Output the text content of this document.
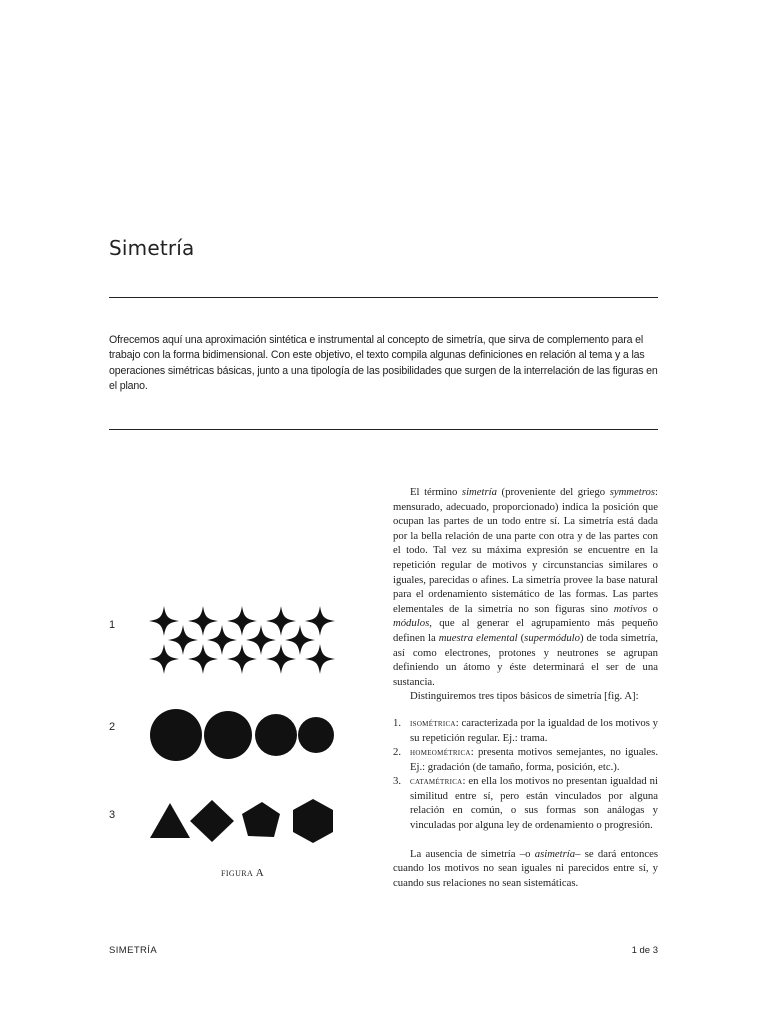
Simetría

Ofrecemos aquí una aproximación sintética e instrumental al concepto de simetría, que sirva de complemento para el trabajo con la forma bidimensional. Con este objetivo, el texto compila algunas definiciones en relación al tema y a las operaciones simétricas básicas, junto a una tipología de las posibilidades que surgen de la interrelación de las figuras en el plano.

1
2
3
figura A

El término simetría (proveniente del griego symmetros: mensurado, adecuado, proporcionado) indica la posición que ocupan las partes de un todo entre sí. La simetría está dada por la bella relación de una parte con otra y de las partes con el todo. Tal vez su máxima expresión se encuentre en la repetición regular de motivos y circunstancias similares o iguales, parecidas o afines. La simetría provee la base natural para el ordenamiento sistemático de las formas. Las partes elementales de la simetría no son figuras sino motivos o módulos, que al generar el agrupamiento más pequeño definen la muestra elemental (supermódulo) de toda simetría, así como electrones, protones y neutrones se agrupan definiendo un átomo y éste determinará el ser de una sustancia.

Distinguiremos tres tipos básicos de simetría [fig. A]:

1. isométrica: caracterizada por la igualdad de los motivos y su repetición regular. Ej.: trama.
2. homeométrica: presenta motivos semejantes, no iguales. Ej.: gradación (de tamaño, forma, posición, etc.).
3. catamétrica: en ella los motivos no presentan igualdad ni similitud entre sí, pero están vinculados por alguna relación en común, o sus formas son análogas y vinculadas por alguna ley de ordenamiento o progresión.

La ausencia de simetría –o asimetría– se dará entonces cuando los motivos no sean iguales ni parecidos entre sí, y cuando sus relaciones no sean sistemáticas.

SIMETRÍA	1 de 3
